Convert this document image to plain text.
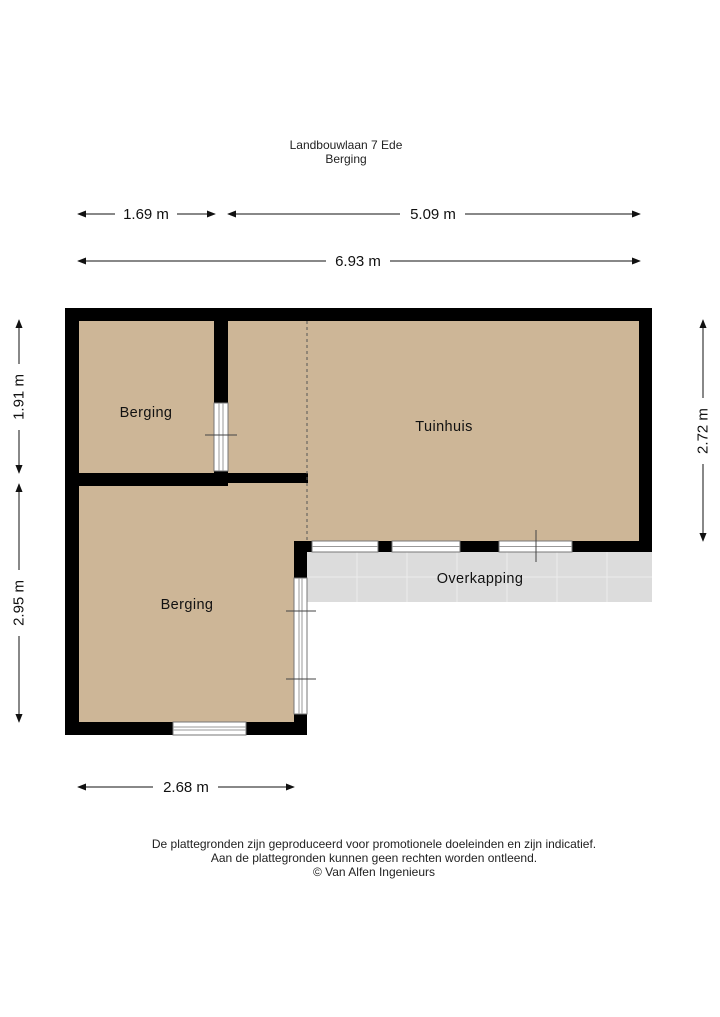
Landbouwlaan 7 Ede
Berging
Berging
Tuinhuis
Overkapping
Berging
1.69 m	5.09 m
6.93 m
2.68 m
1.91 m
2.95 m
2.72 m
De plattegronden zijn geproduceerd voor promotionele doeleinden en zijn indicatief.
Aan de plattegronden kunnen geen rechten worden ontleend.
© Van Alfen Ingenieurs
